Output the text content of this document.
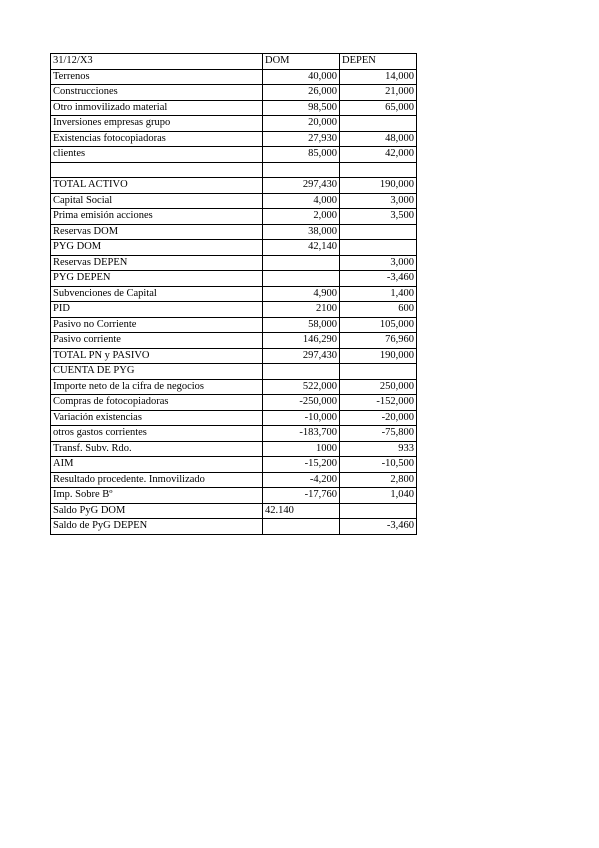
31/12/X3	DOM	DEPEN
Terrenos	40,000	14,000
Construcciones	26,000	21,000
Otro inmovilizado material	98,500	65,000
Inversiones empresas grupo	20,000	
Existencias fotocopiadoras	27,930	48,000
clientes	85,000	42,000

TOTAL ACTIVO	297,430	190,000
Capital Social	4,000	3,000
Prima emisión acciones	2,000	3,500
Reservas DOM	38,000	
PYG DOM	42,140	
Reservas DEPEN		3,000
PYG DEPEN		-3,460
Subvenciones de Capital	4,900	1,400
PID	2100	600
Pasivo no Corriente	58,000	105,000
Pasivo corriente	146,290	76,960
TOTAL PN y PASIVO	297,430	190,000
CUENTA DE PYG		
Importe neto de la cifra de negocios	522,000	250,000
Compras de fotocopiadoras	-250,000	-152,000
Variación existencias	-10,000	-20,000
otros gastos corrientes	-183,700	-75,800
Transf. Subv. Rdo.	1000	933
AIM	-15,200	-10,500
Resultado procedente. Inmovilizado	-4,200	2,800
Imp. Sobre Bº	-17,760	1,040
Saldo PyG DOM	42.140	
Saldo de PyG DEPEN		-3,460
